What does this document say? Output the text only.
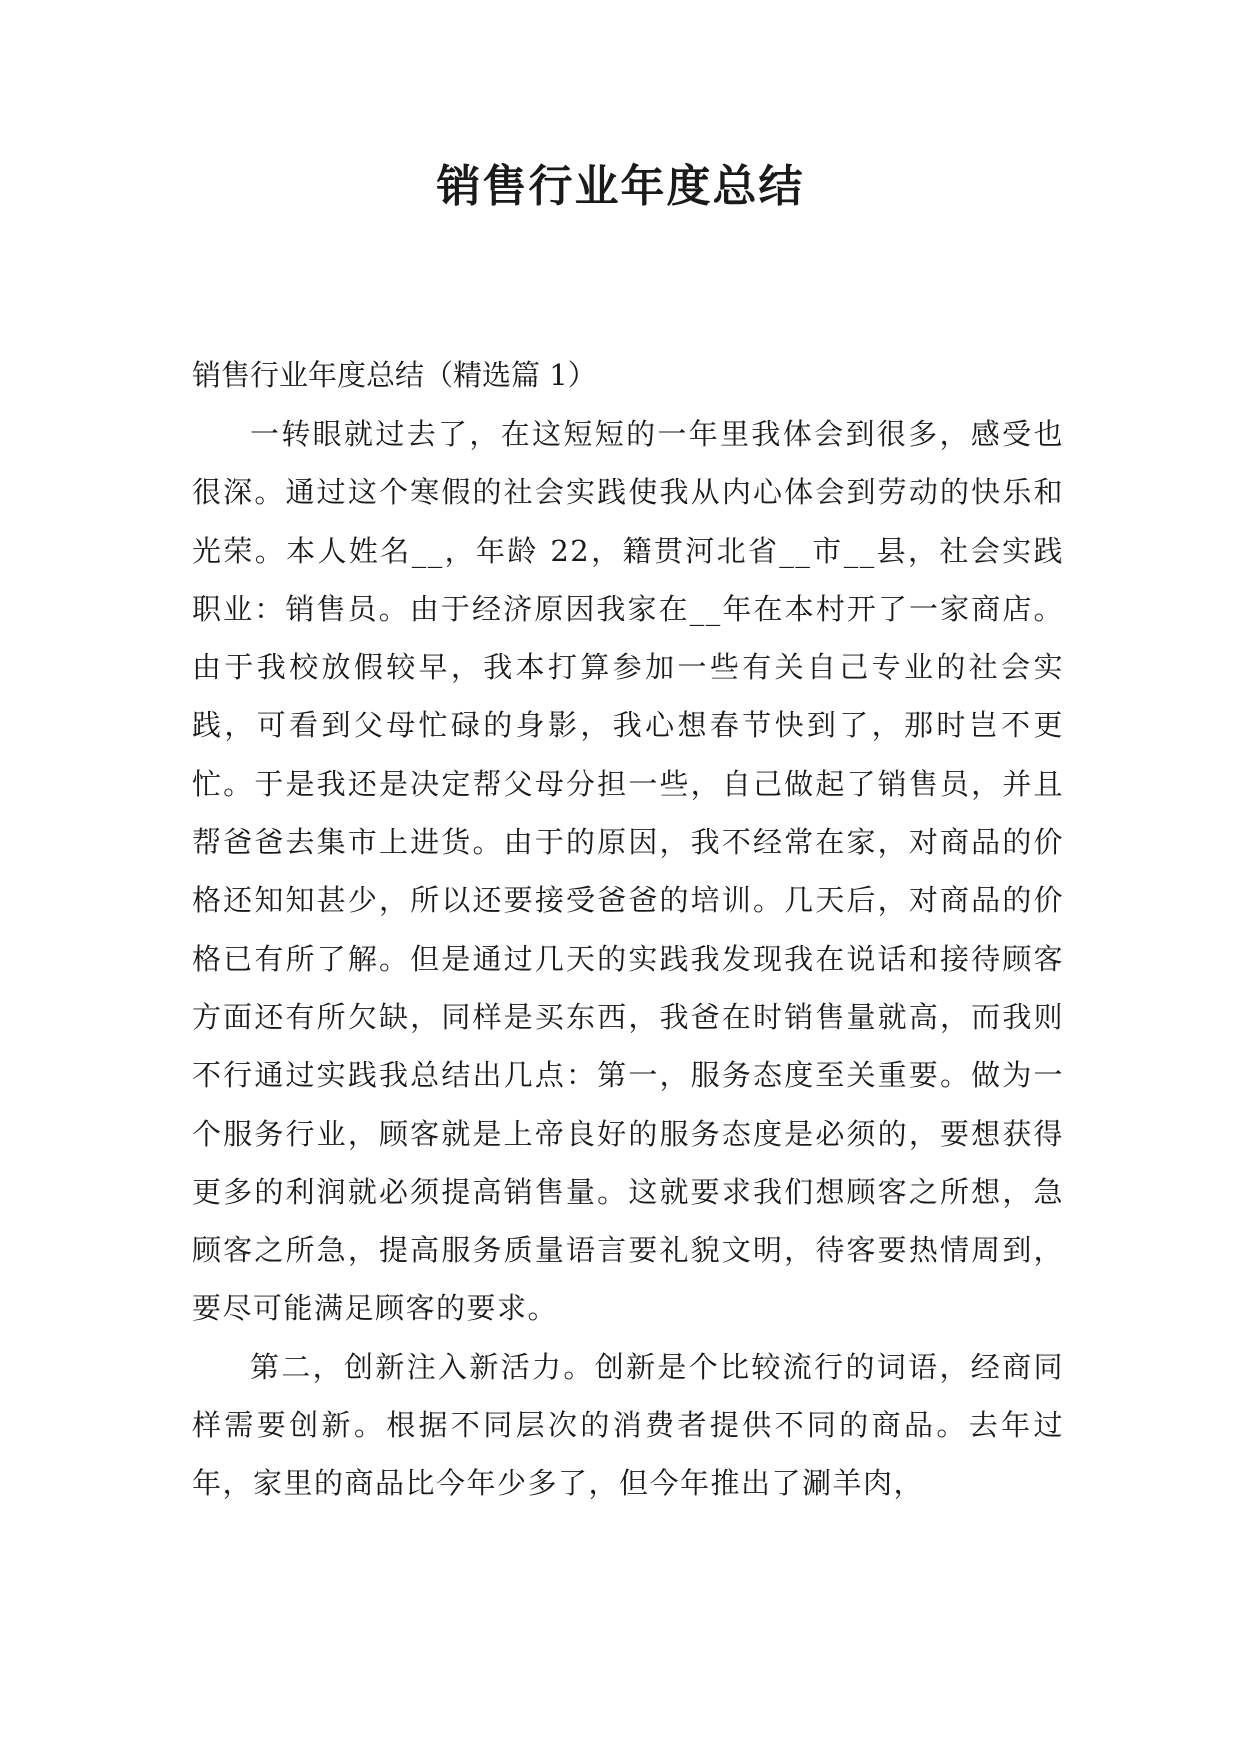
销售行业年度总结

销售行业年度总结（精选篇 1）

一转眼就过去了，在这短短的一年里我体会到很多，感受也很深。通过这个寒假的社会实践使我从内心体会到劳动的快乐和光荣。本人姓名__，年龄 22，籍贯河北省__市__县，社会实践职业：销售员。由于经济原因我家在__年在本村开了一家商店。由于我校放假较早，我本打算参加一些有关自己专业的社会实践，可看到父母忙碌的身影，我心想春节快到了，那时岂不更忙。于是我还是决定帮父母分担一些，自己做起了销售员，并且帮爸爸去集市上进货。由于的原因，我不经常在家，对商品的价格还知知甚少，所以还要接受爸爸的培训。几天后，对商品的价格已有所了解。但是通过几天的实践我发现我在说话和接待顾客方面还有所欠缺，同样是买东西，我爸在时销售量就高，而我则不行通过实践我总结出几点：第一，服务态度至关重要。做为一个服务行业，顾客就是上帝良好的服务态度是必须的，要想获得更多的利润就必须提高销售量。这就要求我们想顾客之所想，急顾客之所急，提高服务质量语言要礼貌文明，待客要热情周到，要尽可能满足顾客的要求。

第二，创新注入新活力。创新是个比较流行的词语，经商同样需要创新。根据不同层次的消费者提供不同的商品。去年过年，家里的商品比今年少多了，但今年推出了涮羊肉，
